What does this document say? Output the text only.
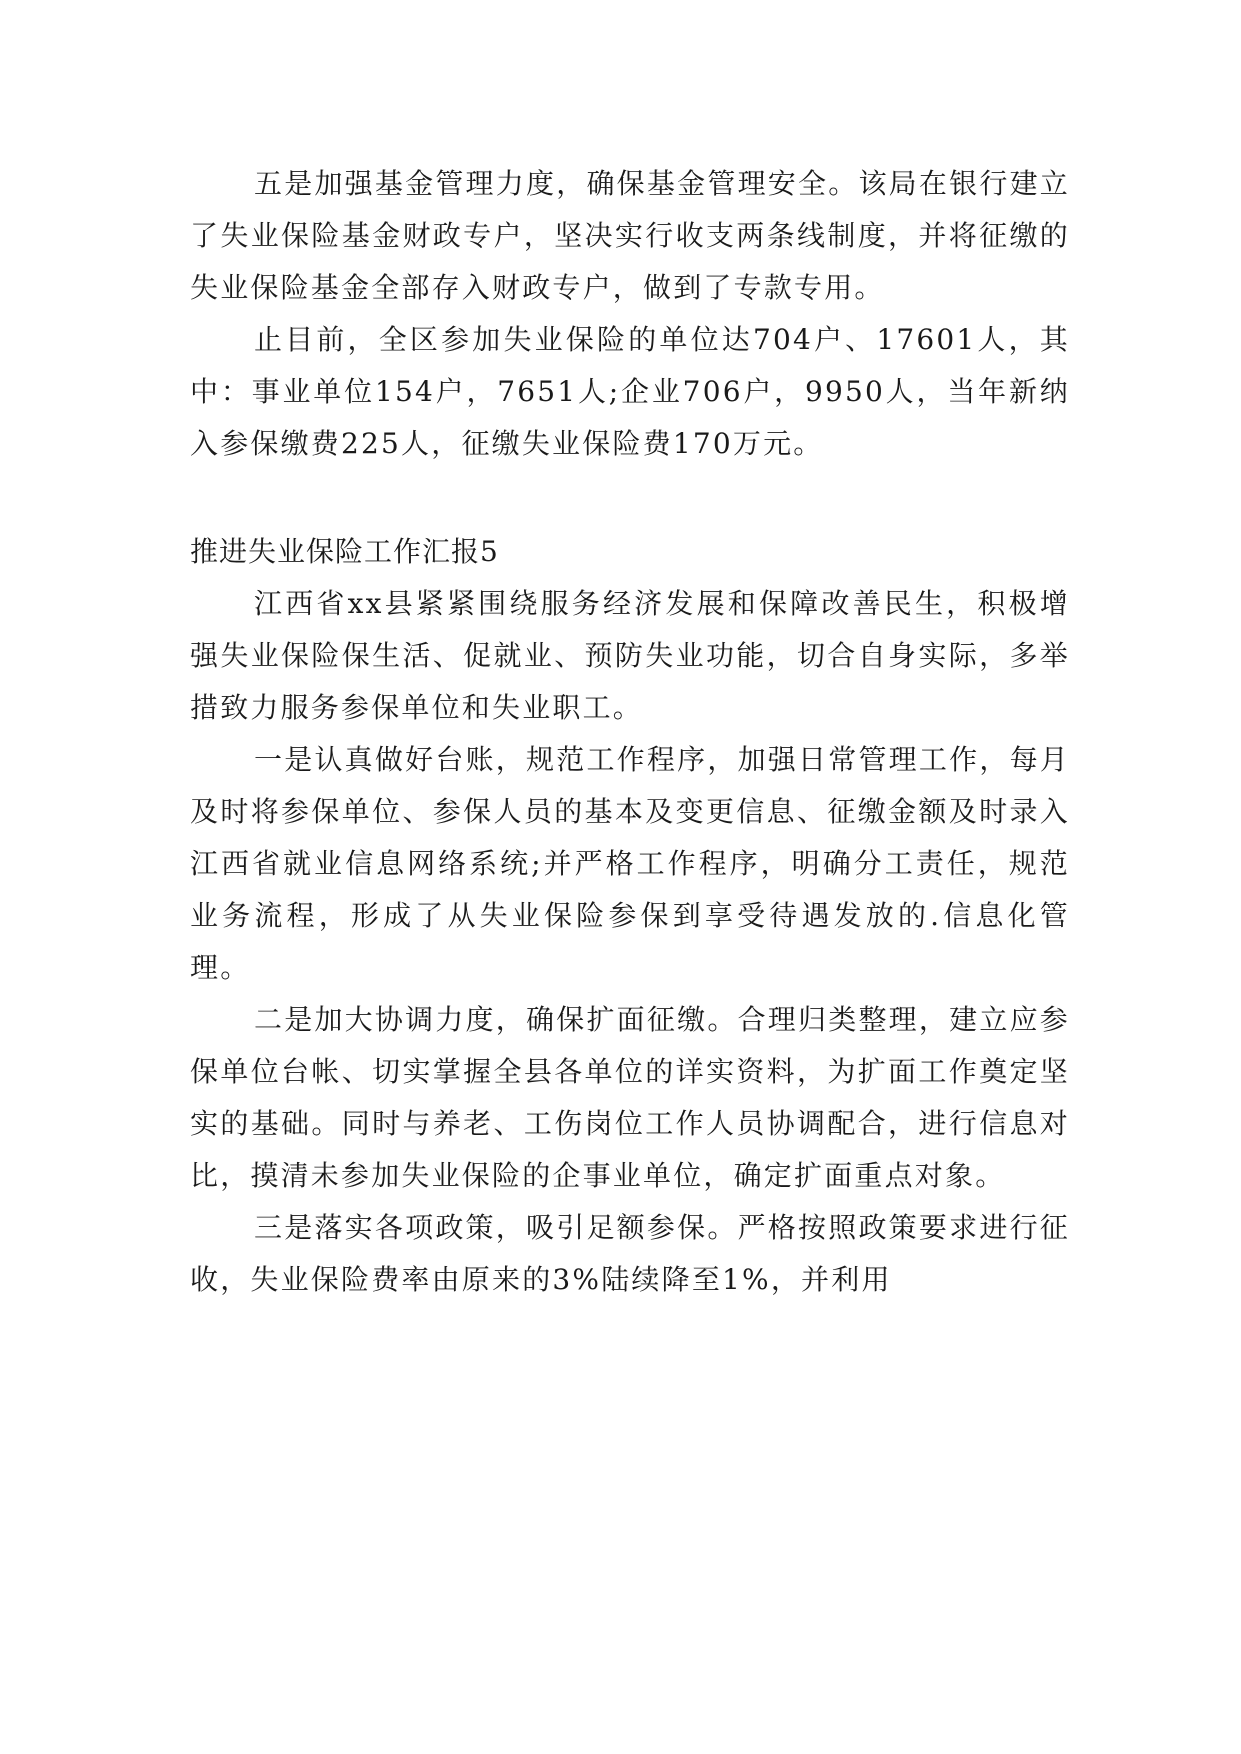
五是加强基金管理力度，确保基金管理安全。该局在银行建立了失业保险基金财政专户，坚决实行收支两条线制度，并将征缴的失业保险基金全部存入财政专户，做到了专款专用。

止目前，全区参加失业保险的单位达704户、17601人，其中：事业单位154户，7651人;企业706户，9950人，当年新纳入参保缴费225人，征缴失业保险费170万元。

推进失业保险工作汇报5

江西省xx县紧紧围绕服务经济发展和保障改善民生，积极增强失业保险保生活、促就业、预防失业功能，切合自身实际，多举措致力服务参保单位和失业职工。

一是认真做好台账，规范工作程序，加强日常管理工作，每月及时将参保单位、参保人员的基本及变更信息、征缴金额及时录入江西省就业信息网络系统;并严格工作程序，明确分工责任，规范业务流程，形成了从失业保险参保到享受待遇发放的.信息化管理。

二是加大协调力度，确保扩面征缴。合理归类整理，建立应参保单位台帐、切实掌握全县各单位的详实资料，为扩面工作奠定坚实的基础。同时与养老、工伤岗位工作人员协调配合，进行信息对比，摸清未参加失业保险的企事业单位，确定扩面重点对象。

三是落实各项政策，吸引足额参保。严格按照政策要求进行征收，失业保险费率由原来的3%陆续降至1%，并利用
